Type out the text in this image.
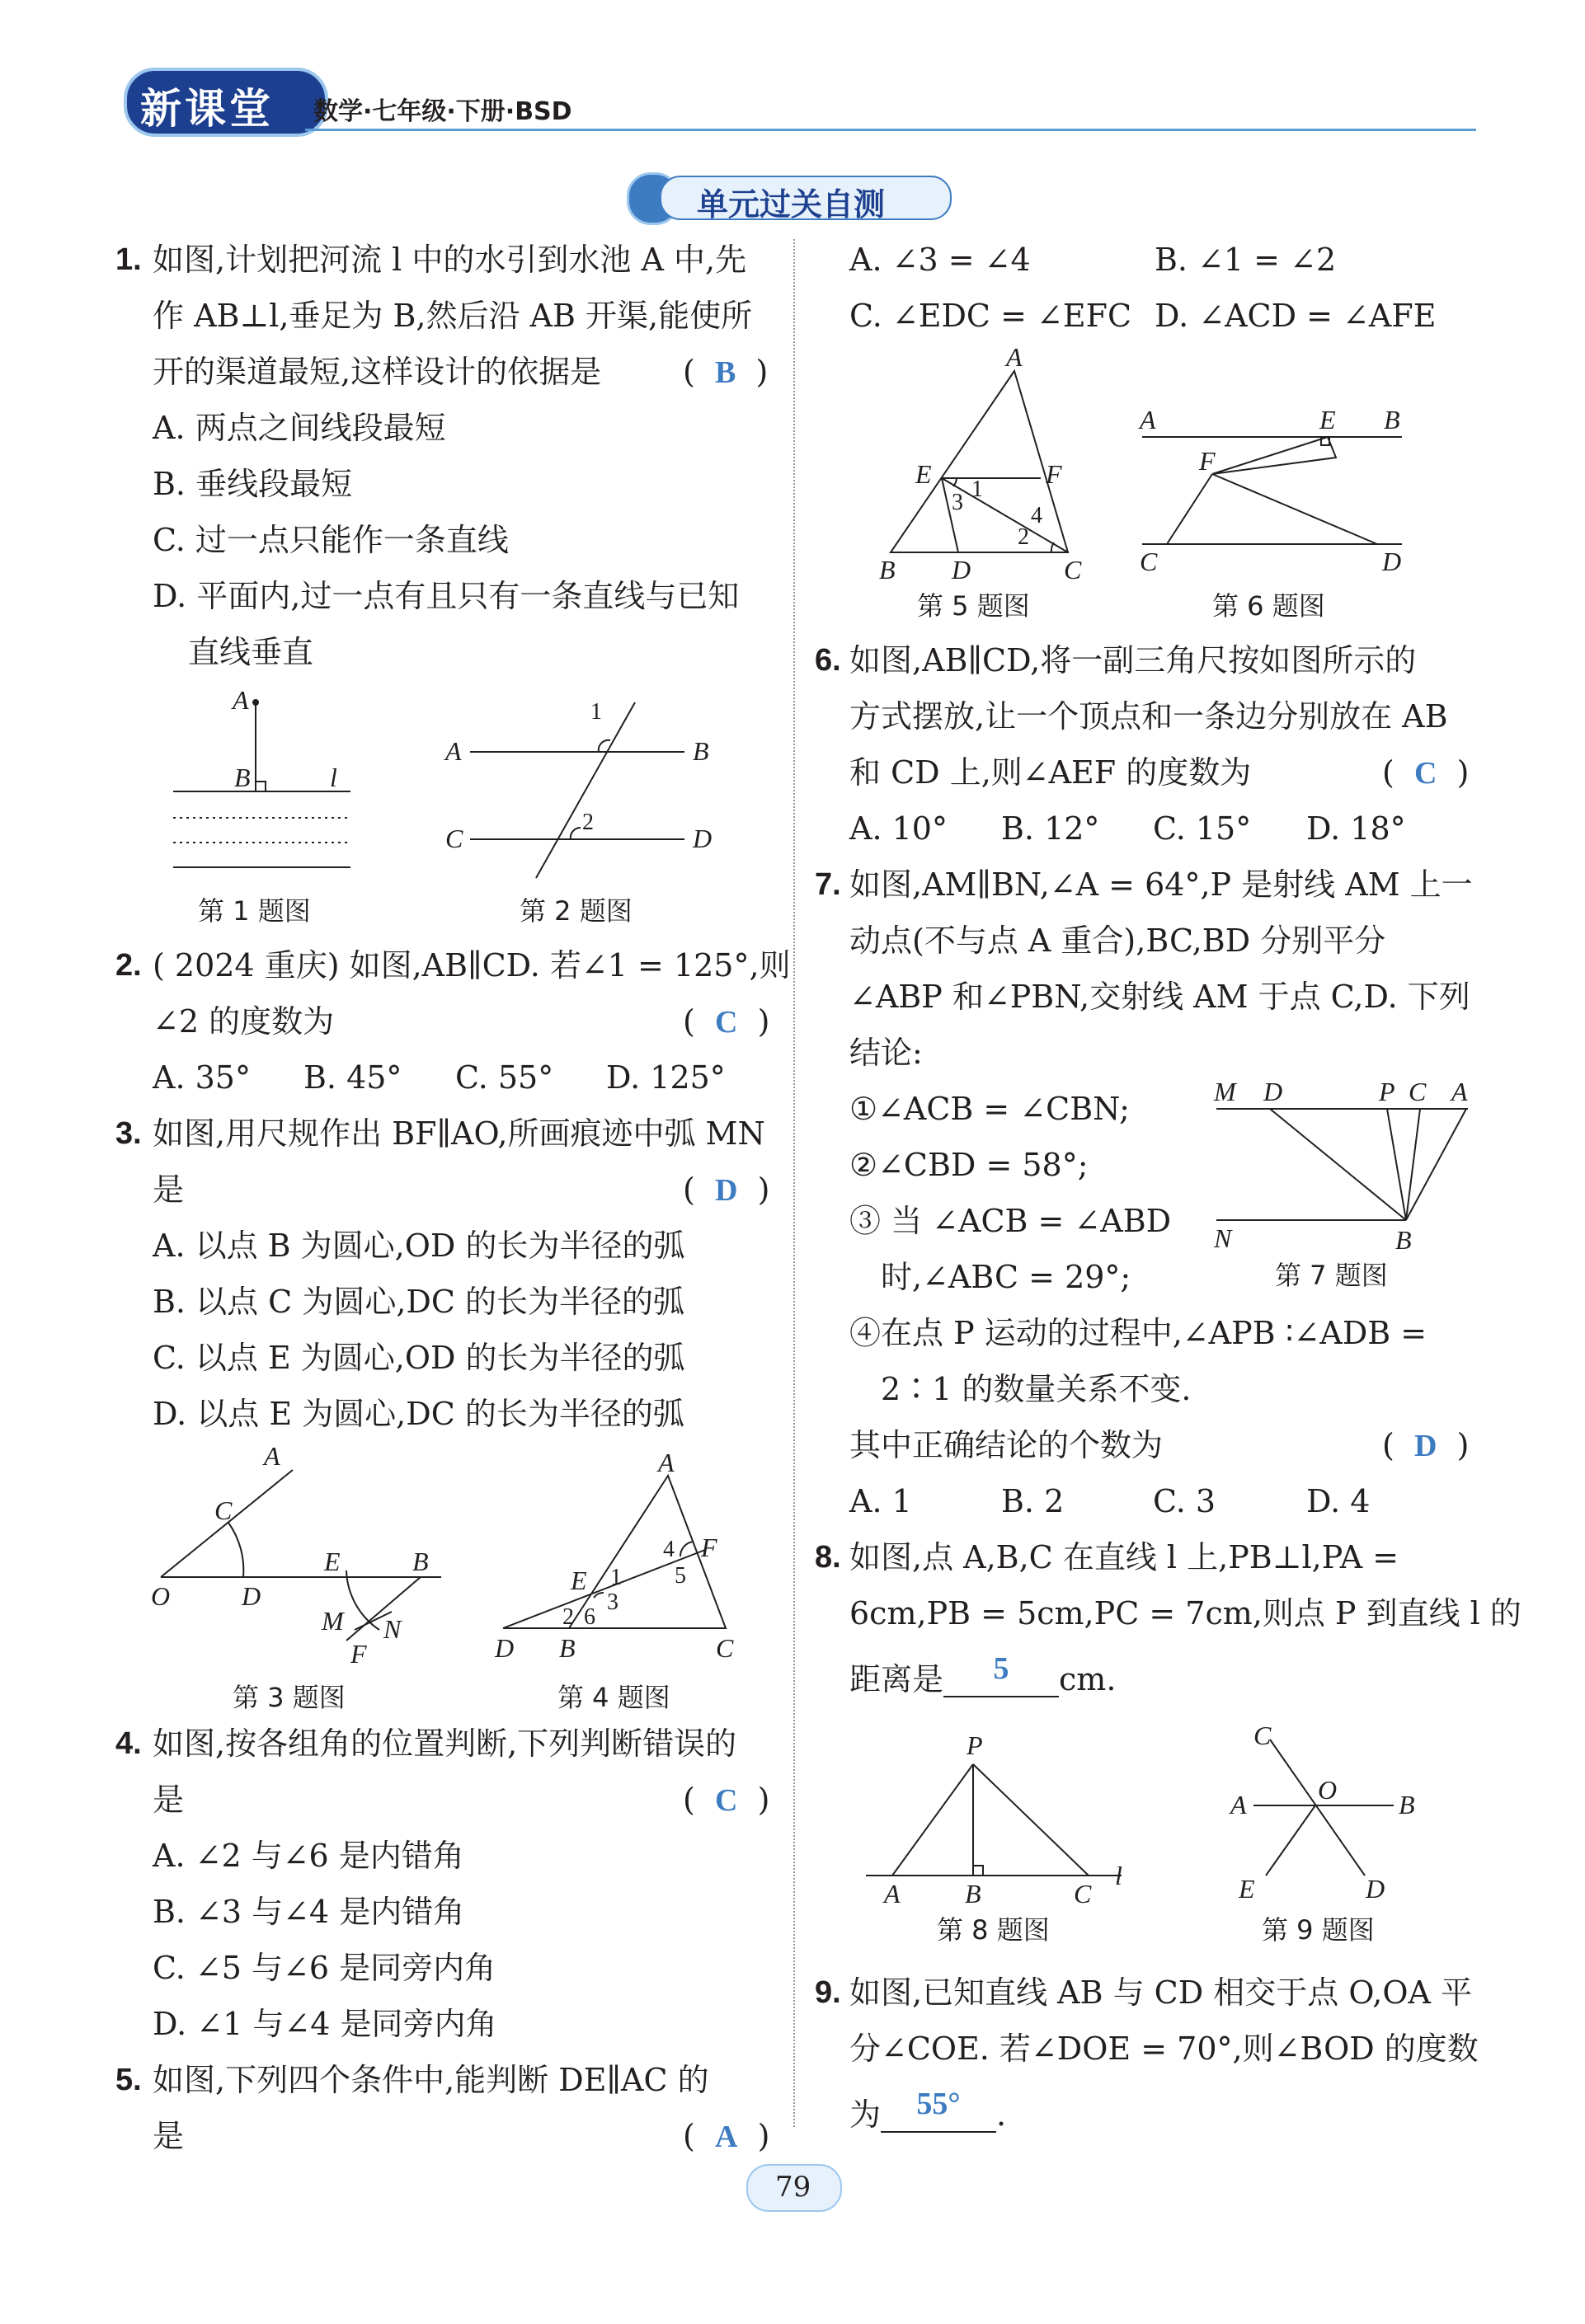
新课堂 数学·七年级·下册·BSD
单元过关自测
1. 如图,计划把河流 l 中的水引到水池 A 中,先
作 AB⊥l,垂足为 B,然后沿 AB 开渠,能使所
开的渠道最短,这样设计的依据是	(  B  )
A. 两点之间线段最短
B. 垂线段最短
C. 过一点只能作一条直线
D. 平面内,过一点有且只有一条直线与已知
直线垂直
A
B	l
第 1 题图
A	B
C	D
1
2
第 2 题图
2. ( 2024 重庆) 如图,AB∥CD. 若∠1 = 125°,则
∠2 的度数为	(  C  )
A. 35° B. 45° C. 55° D. 125°
3. 如图,用尺规作出 BF∥AO,所画痕迹中弧 MN
是	(  D  )
A. 以点 B 为圆心,OD 的长为半径的弧
B. 以点 C 为圆心,DC 的长为半径的弧
C. 以点 E 为圆心,OD 的长为半径的弧
D. 以点 E 为圆心,DC 的长为半径的弧
A
C
O	D
E	B
M N
F
第 3 题图
A
B	C
D
E
F
1
2
3
4
5
6
第 4 题图
4. 如图,按各组角的位置判断,下列判断错误的
是	(  C  )
A. ∠2 与∠6 是内错角
B. ∠3 与∠4 是内错角
C. ∠5 与∠6 是同旁内角
D. ∠1 与∠4 是同旁内角
5. 如图,下列四个条件中,能判断 DE∥AC 的
是	(  A  )
A. ∠3 = ∠4	B. ∠1 = ∠2
C. ∠EDC = ∠EFC D. ∠ACD = ∠AFE
A
B	C
D
E	F
1
2
3
4
第 5 题图
A	B
C	D
E
F
第 6 题图
6. 如图,AB∥CD,将一副三角尺按如图所示的
方式摆放,让一个顶点和一条边分别放在 AB
和 CD 上,则∠AEF 的度数为	(  C  )
A. 10° B. 12° C. 15° D. 18°
7. 如图,AM∥BN,∠A = 64°,P 是射线 AM 上一
动点(不与点 A 重合),BC,BD 分别平分
∠ABP 和∠PBN,交射线 AM 于点 C,D. 下列
结论:
①∠ACB = ∠CBN;
②∠CBD = 58°;
③ 当 ∠ACB = ∠ABD
时,∠ABC = 29°;
④在点 P 运动的过程中,∠APB ∶∠ADB =
2∶1 的数量关系不变.
其中正确结论的个数为	(  D  )
A. 1	B. 2	C. 3	D. 4
M D	P C A
N	B
第 7 题图
8. 如图,点 A,B,C 在直线 l 上,PB⊥l,PA =
6cm,PB = 5cm,PC = 7cm,则点 P 到直线 l 的
距离是 5 cm.
P
A B	C
l
第 8 题图
C
O
A	B
E	D
第 9 题图
9. 如图,已知直线 AB 与 CD 相交于点 O,OA 平
分∠COE. 若∠DOE = 70°,则∠BOD 的度数
为 55° .
79
